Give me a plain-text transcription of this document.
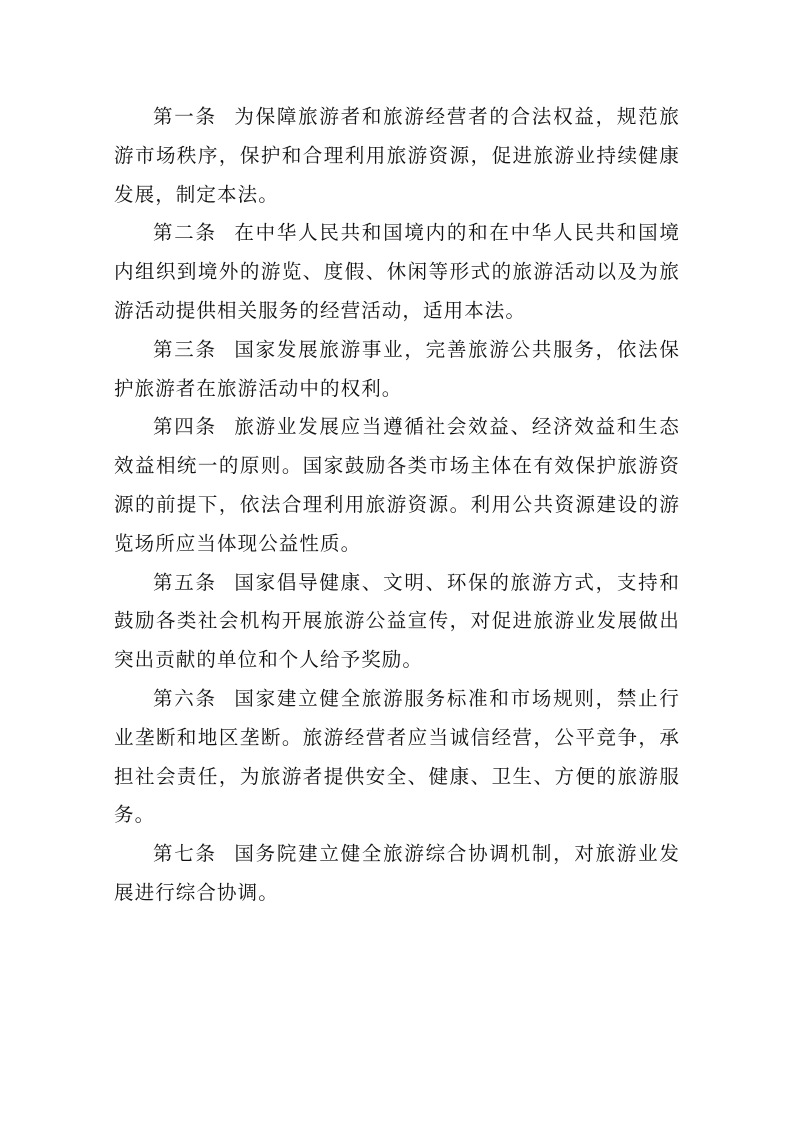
第一条 为保障旅游者和旅游经营者的合法权益，规范旅游市场秩序，保护和合理利用旅游资源，促进旅游业持续健康发展，制定本法。

第二条 在中华人民共和国境内的和在中华人民共和国境内组织到境外的游览、度假、休闲等形式的旅游活动以及为旅游活动提供相关服务的经营活动，适用本法。

第三条 国家发展旅游事业，完善旅游公共服务，依法保护旅游者在旅游活动中的权利。

第四条 旅游业发展应当遵循社会效益、经济效益和生态效益相统一的原则。国家鼓励各类市场主体在有效保护旅游资源的前提下，依法合理利用旅游资源。利用公共资源建设的游览场所应当体现公益性质。

第五条 国家倡导健康、文明、环保的旅游方式，支持和鼓励各类社会机构开展旅游公益宣传，对促进旅游业发展做出突出贡献的单位和个人给予奖励。

第六条 国家建立健全旅游服务标准和市场规则，禁止行业垄断和地区垄断。旅游经营者应当诚信经营，公平竞争，承担社会责任，为旅游者提供安全、健康、卫生、方便的旅游服务。

第七条 国务院建立健全旅游综合协调机制，对旅游业发展进行综合协调。
